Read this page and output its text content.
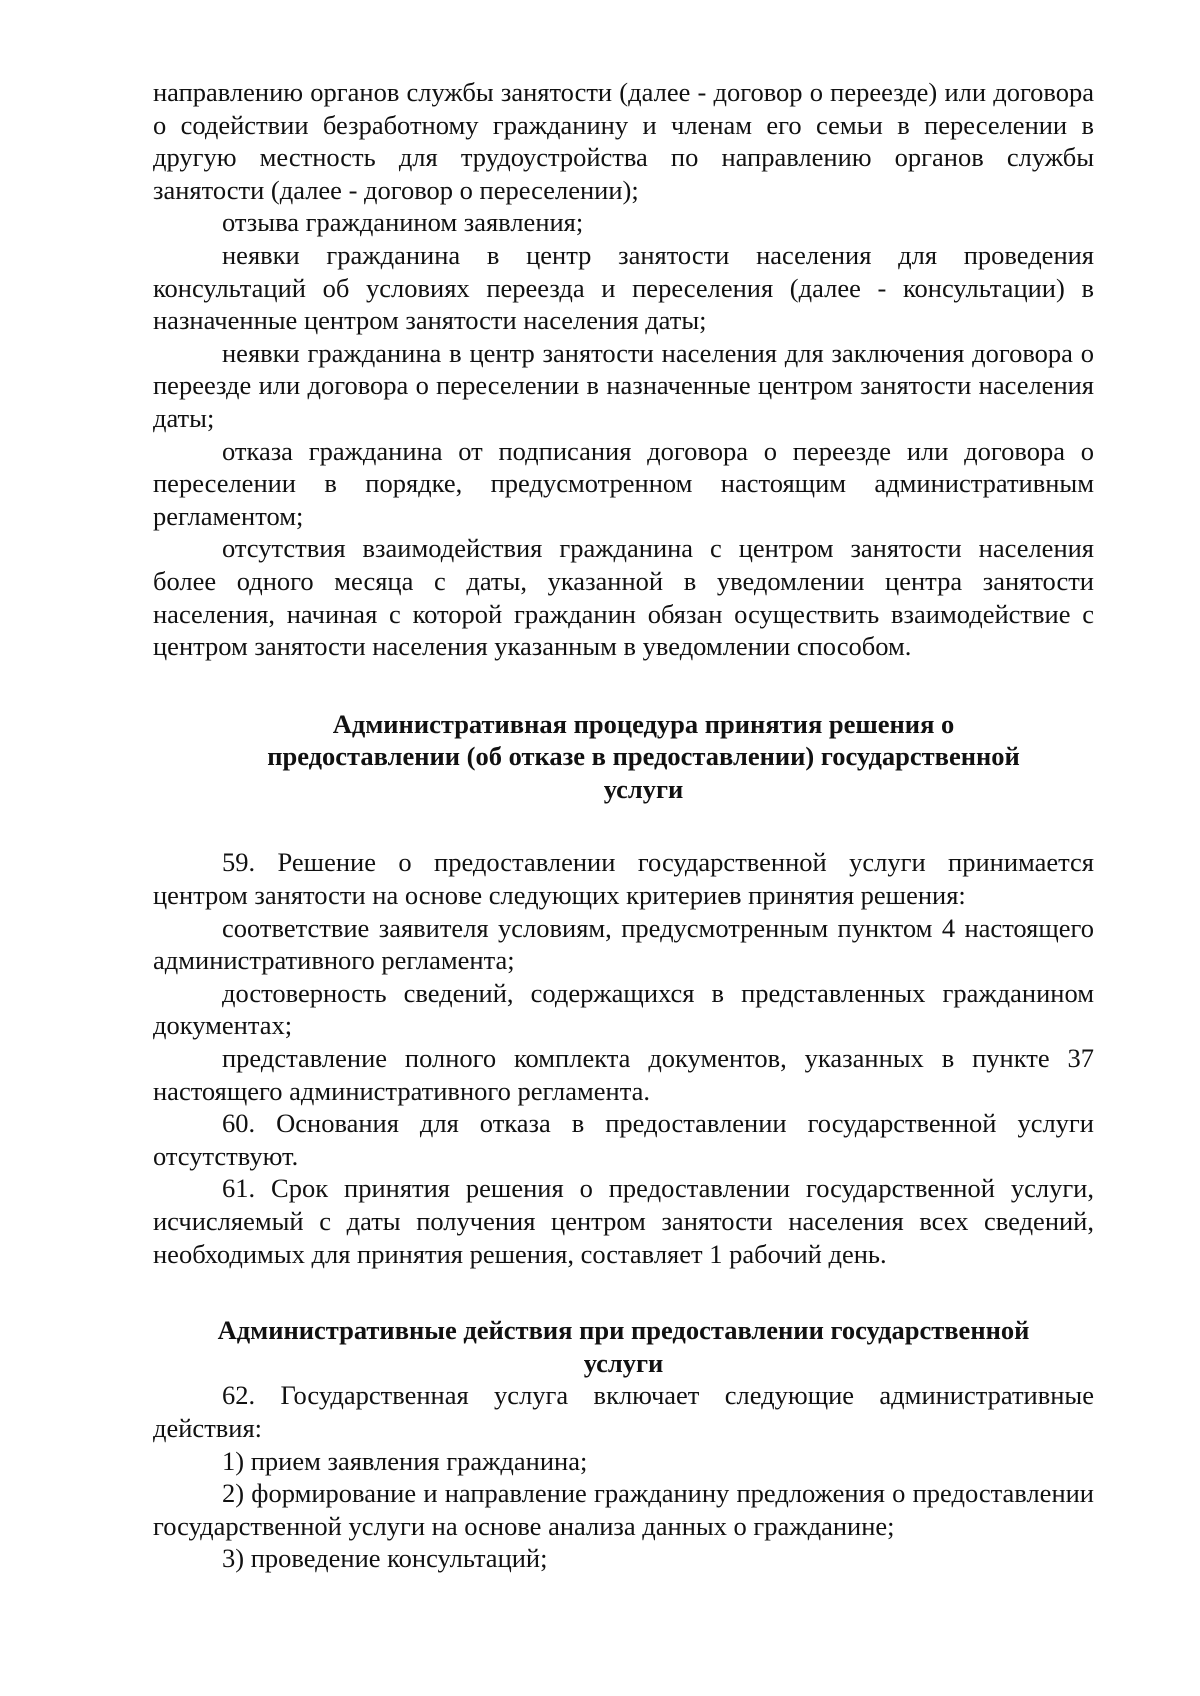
направлению органов службы занятости (далее - договор о переезде) или договора о содействии безработному гражданину и членам его семьи в переселении в другую местность для трудоустройства по направлению органов службы занятости (далее - договор о переселении);

отзыва гражданином заявления;

неявки гражданина в центр занятости населения для проведения консультаций об условиях переезда и переселения (далее - консультации) в назначенные центром занятости населения даты;

неявки гражданина в центр занятости населения для заключения договора о переезде или договора о переселении в назначенные центром занятости населения даты;

отказа гражданина от подписания договора о переезде или договора о переселении в порядке, предусмотренном настоящим административным регламентом;

отсутствия взаимодействия гражданина с центром занятости населения более одного месяца с даты, указанной в уведомлении центра занятости населения, начиная с которой гражданин обязан осуществить взаимодействие с центром занятости населения указанным в уведомлении способом.

Административная процедура принятия решения о
предоставлении (об отказе в предоставлении) государственной
услуги

59. Решение о предоставлении государственной услуги принимается центром занятости на основе следующих критериев принятия решения:

соответствие заявителя условиям, предусмотренным пунктом 4 настоящего административного регламента;

достоверность сведений, содержащихся в представленных гражданином документах;

представление полного комплекта документов, указанных в пункте 37 настоящего административного регламента.

60. Основания для отказа в предоставлении государственной услуги отсутствуют.

61. Срок принятия решения о предоставлении государственной услуги, исчисляемый с даты получения центром занятости населения всех сведений, необходимых для принятия решения, составляет 1 рабочий день.

Административные действия при предоставлении государственной
услуги

62. Государственная услуга включает следующие административные действия:

1) прием заявления гражданина;

2) формирование и направление гражданину предложения о предоставлении государственной услуги на основе анализа данных о гражданине;

3) проведение консультаций;
